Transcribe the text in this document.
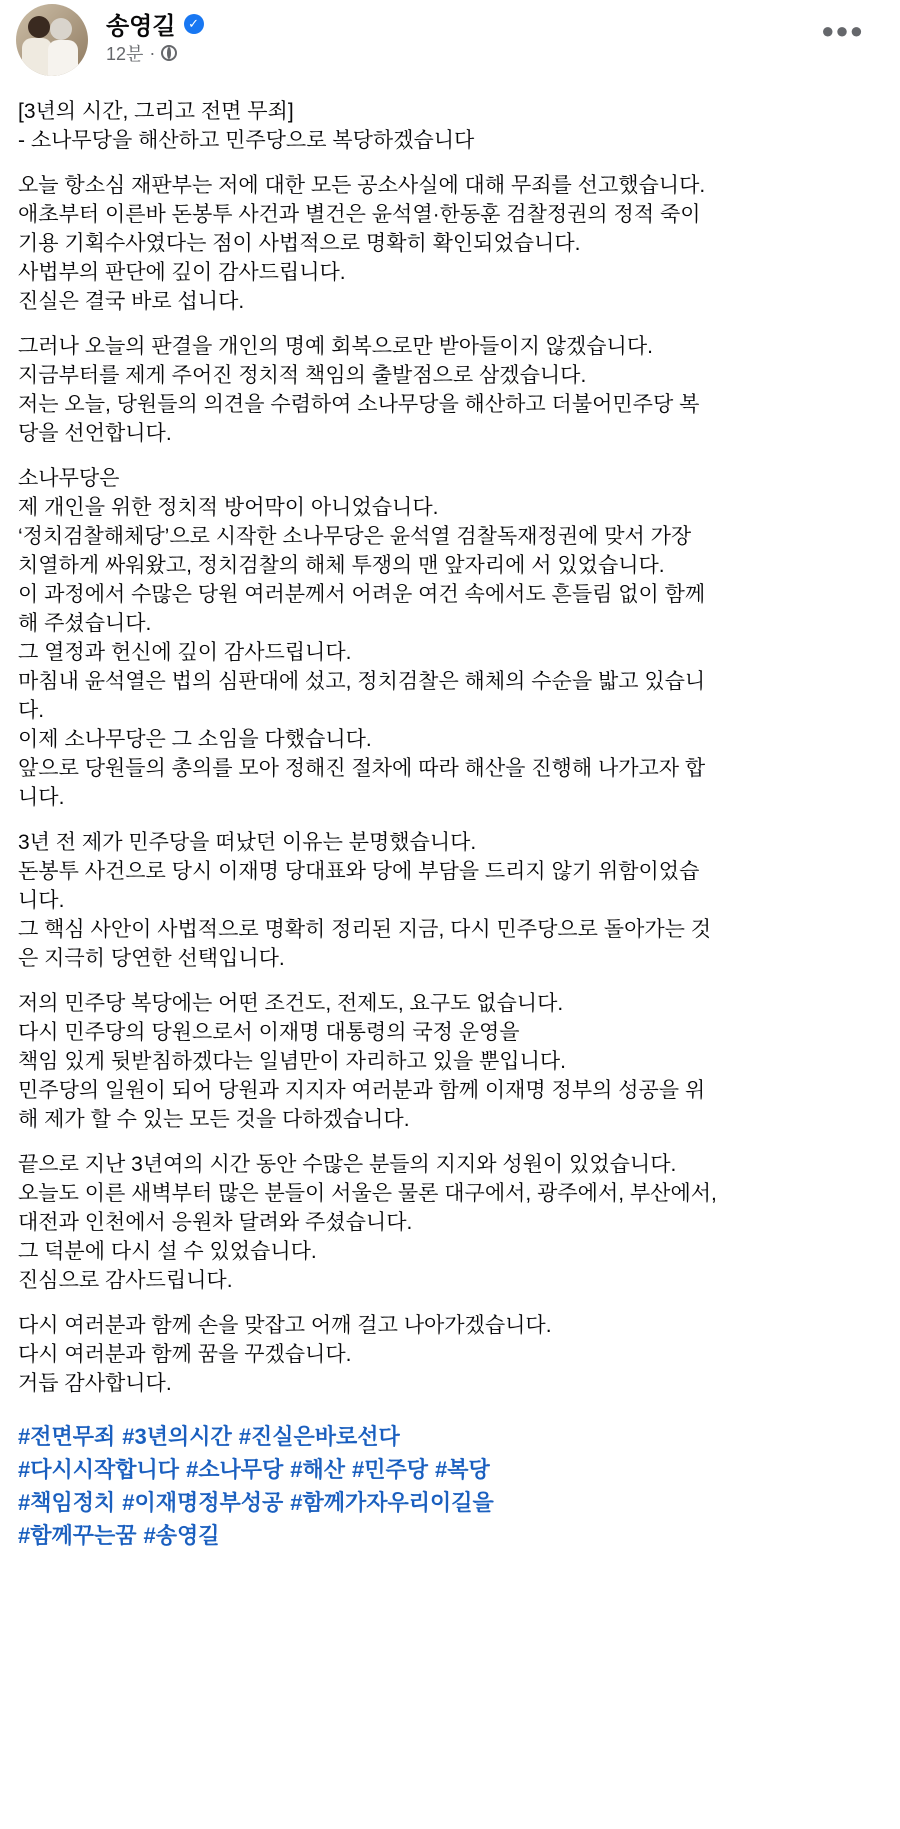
송영길 ✓
12분 ·
●●●
[3년의 시간, 그리고 전면 무죄]
- 소나무당을 해산하고 민주당으로 복당하겠습니다
오늘 항소심 재판부는 저에 대한 모든 공소사실에 대해 무죄를 선고했습니다.
애초부터 이른바 돈봉투 사건과 별건은 윤석열·한동훈 검찰정권의 정적 죽이
기용 기획수사였다는 점이 사법적으로 명확히 확인되었습니다.
사법부의 판단에 깊이 감사드립니다.
진실은 결국 바로 섭니다.
그러나 오늘의 판결을 개인의 명예 회복으로만 받아들이지 않겠습니다.
지금부터를 제게 주어진 정치적 책임의 출발점으로 삼겠습니다.
저는 오늘, 당원들의 의견을 수렴하여 소나무당을 해산하고 더불어민주당 복
당을 선언합니다.
소나무당은
제 개인을 위한 정치적 방어막이 아니었습니다.
‘정치검찰해체당’으로 시작한 소나무당은 윤석열 검찰독재정권에 맞서 가장
치열하게 싸워왔고, 정치검찰의 해체 투쟁의 맨 앞자리에 서 있었습니다.
이 과정에서 수많은 당원 여러분께서 어려운 여건 속에서도 흔들림 없이 함께
해 주셨습니다.
그 열정과 헌신에 깊이 감사드립니다.
마침내 윤석열은 법의 심판대에 섰고, 정치검찰은 해체의 수순을 밟고 있습니
다.
이제 소나무당은 그 소임을 다했습니다.
앞으로 당원들의 총의를 모아 정해진 절차에 따라 해산을 진행해 나가고자 합
니다.
3년 전 제가 민주당을 떠났던 이유는 분명했습니다.
돈봉투 사건으로 당시 이재명 당대표와 당에 부담을 드리지 않기 위함이었습
니다.
그 핵심 사안이 사법적으로 명확히 정리된 지금, 다시 민주당으로 돌아가는 것
은 지극히 당연한 선택입니다.
저의 민주당 복당에는 어떤 조건도, 전제도, 요구도 없습니다.
다시 민주당의 당원으로서 이재명 대통령의 국정 운영을
책임 있게 뒷받침하겠다는 일념만이 자리하고 있을 뿐입니다.
민주당의 일원이 되어 당원과 지지자 여러분과 함께 이재명 정부의 성공을 위
해 제가 할 수 있는 모든 것을 다하겠습니다.
끝으로 지난 3년여의 시간 동안 수많은 분들의 지지와 성원이 있었습니다.
오늘도 이른 새벽부터 많은 분들이 서울은 물론 대구에서, 광주에서, 부산에서,
대전과 인천에서 응원차 달려와 주셨습니다.
그 덕분에 다시 설 수 있었습니다.
진심으로 감사드립니다.
다시 여러분과 함께 손을 맞잡고 어깨 걸고 나아가겠습니다.
다시 여러분과 함께 꿈을 꾸겠습니다.
거듭 감사합니다.
#전면무죄 #3년의시간 #진실은바로선다
#다시시작합니다 #소나무당 #해산 #민주당 #복당
#책임정치 #이재명정부성공 #함께가자우리이길을
#함께꾸는꿈 #송영길
